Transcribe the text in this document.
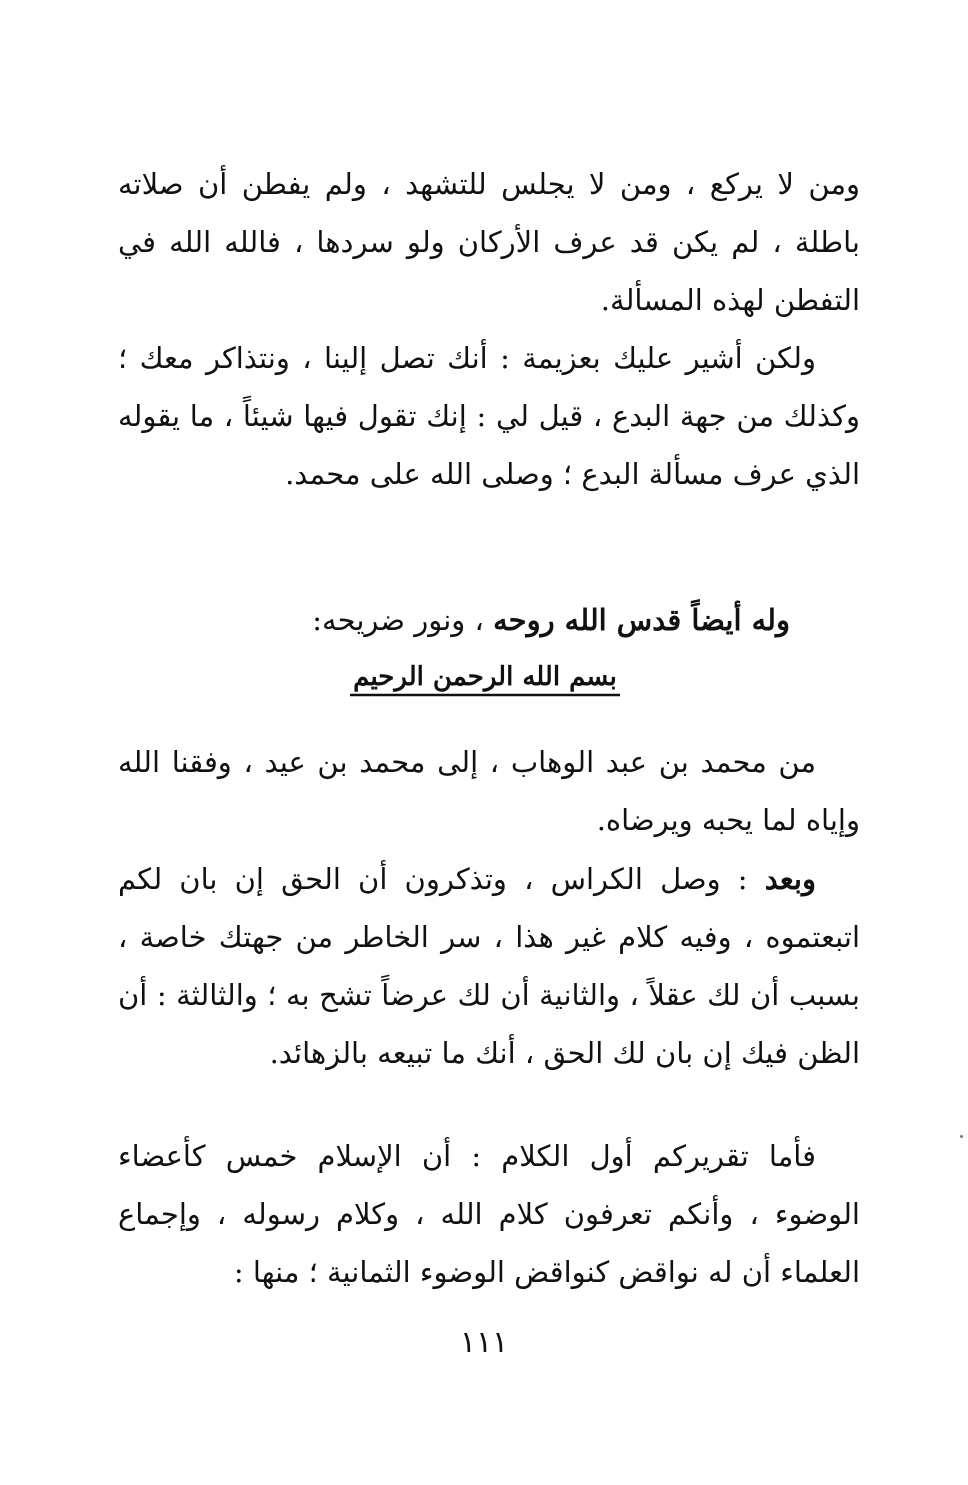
ومن لا يركع ، ومن لا يجلس للتشهد ، ولم يفطن أن صلاته باطلة ، لم يكن قد عرف الأركان ولو سردها ، فالله الله في التفطن لهذه المسألة.

ولكن أشير عليك بعزيمة : أنك تصل إلينا ، ونتذاكر معك ؛ وكذلك من جهة البدع ، قيل لي : إنك تقول فيها شيئاً ، ما يقوله الذي عرف مسألة البدع ؛ وصلى الله على محمد.

وله أيضاً قدس الله روحه ، ونور ضريحه:
بسم الله الرحمن الرحيم

من محمد بن عبد الوهاب ، إلى محمد بن عيد ، وفقنا الله وإياه لما يحبه ويرضاه.

وبعد : وصل الكراس ، وتذكرون أن الحق إن بان لكم اتبعتموه ، وفيه كلام غير هذا ، سر الخاطر من جهتك خاصة ، بسبب أن لك عقلاً ، والثانية أن لك عرضاً تشح به ؛ والثالثة : أن الظن فيك إن بان لك الحق ، أنك ما تبيعه بالزهائد.

فأما تقريركم أول الكلام : أن الإسلام خمس كأعضاء الوضوء ، وأنكم تعرفون كلام الله ، وكلام رسوله ، وإجماع العلماء أن له نواقض كنواقض الوضوء الثمانية ؛ منها :

١١١
